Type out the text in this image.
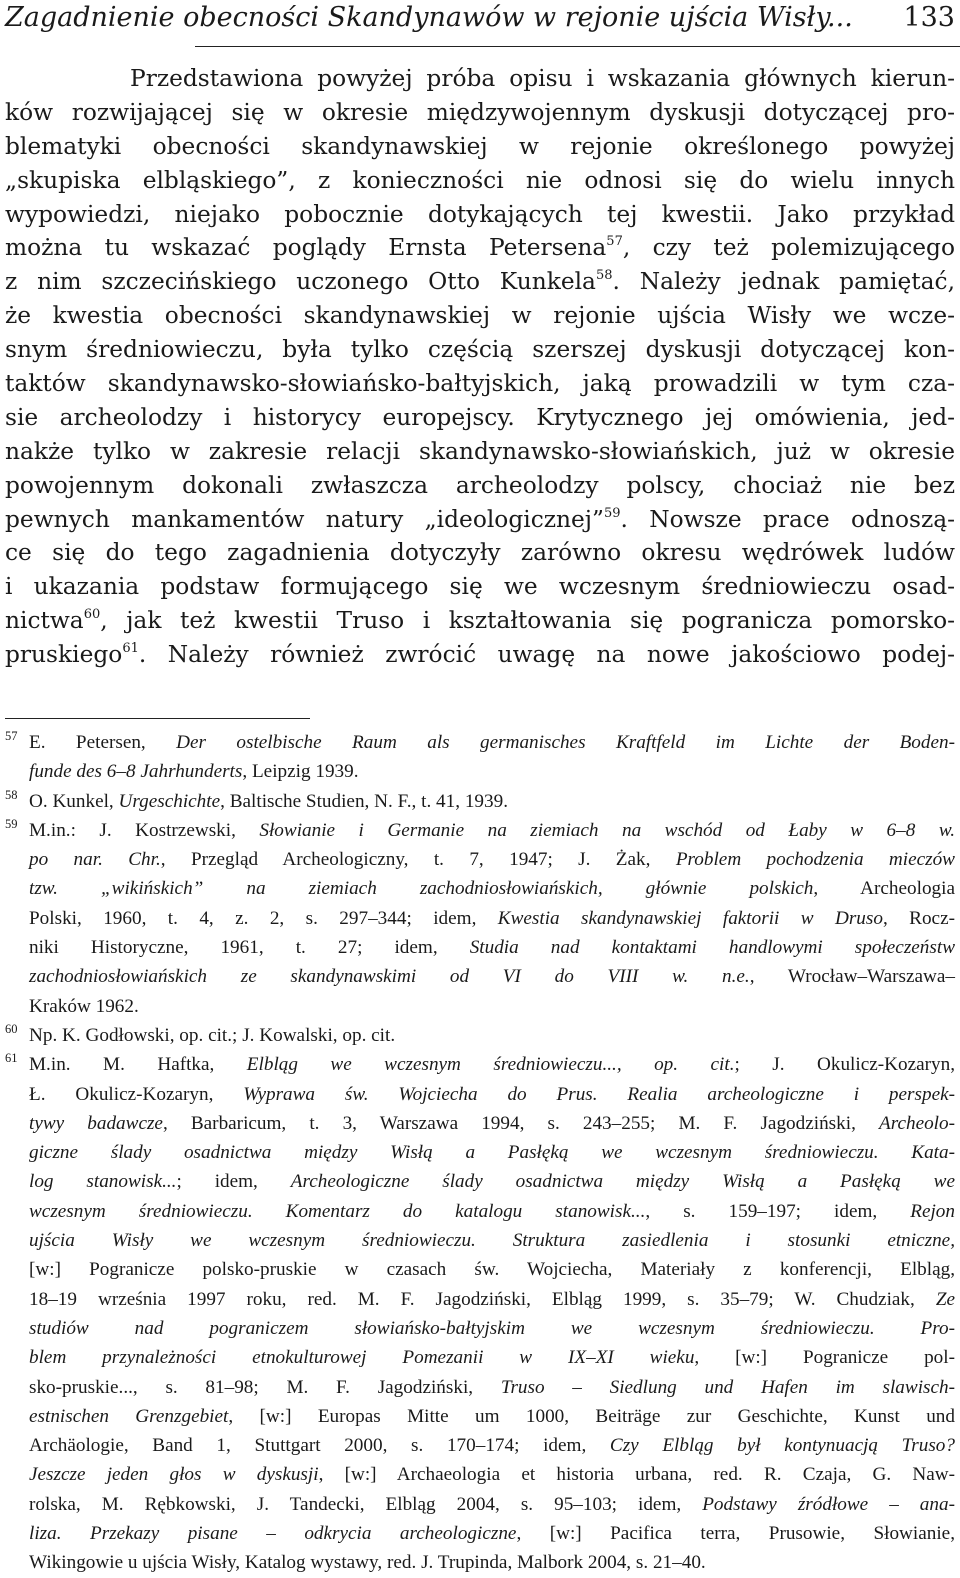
Zagadnienie obecności Skandynawów w rejonie ujścia Wisły... 133
Przedstawiona powyżej próba opisu i wskazania głównych kierun-
ków rozwijającej się w okresie międzywojennym dyskusji dotyczącej pro-
blematyki obecności skandynawskiej w rejonie określonego powyżej
„skupiska elbląskiego”, z konieczności nie odnosi się do wielu innych
wypowiedzi, niejako pobocznie dotykających tej kwestii. Jako przykład
można tu wskazać poglądy Ernsta Petersena$^{57}$, czy też polemizującego
z nim szczecińskiego uczonego Otto Kunkela$^{58}$. Należy jednak pamiętać,
że kwestia obecności skandynawskiej w rejonie ujścia Wisły we wcze-
snym średniowieczu, była tylko częścią szerszej dyskusji dotyczącej kon-
taktów skandynawsko-słowiańsko-bałtyjskich, jaką prowadzili w tym cza-
sie archeolodzy i historycy europejscy. Krytycznego jej omówienia, jed-
nakże tylko w zakresie relacji skandynawsko-słowiańskich, już w okresie
powojennym dokonali zwłaszcza archeolodzy polscy, chociaż nie bez
pewnych mankamentów natury „ideologicznej”$^{59}$. Nowsze prace odnoszą-
ce się do tego zagadnienia dotyczyły zarówno okresu wędrówek ludów
i ukazania podstaw formującego się we wczesnym średniowieczu osad-
nictwa$^{60}$, jak też kwestii Truso i kształtowania się pogranicza pomorsko-
pruskiego$^{61}$. Należy również zwrócić uwagę na nowe jakościowo podej-
57 E. Petersen, Der ostelbische Raum als germanisches Kraftfeld im Lichte der Boden-
funde des 6–8 Jahrhunderts, Leipzig 1939.
58 O. Kunkel, Urgeschichte, Baltische Studien, N. F., t. 41, 1939.
59 M.in.: J. Kostrzewski, Słowianie i Germanie na ziemiach na wschód od Łaby w 6–8 w.
po nar. Chr., Przegląd Archeologiczny, t. 7, 1947; J. Żak, Problem pochodzenia mieczów
tzw. „wikińskich” na ziemiach zachodniosłowiańskich, głównie polskich, Archeologia
Polski, 1960, t. 4, z. 2, s. 297–344; idem, Kwestia skandynawskiej faktorii w Druso, Rocz-
niki Historyczne, 1961, t. 27; idem, Studia nad kontaktami handlowymi społeczeństw
zachodniosłowiańskich ze skandynawskimi od VI do VIII w. n.e., Wrocław–Warszawa–
Kraków 1962.
60 Np. K. Godłowski, op. cit.; J. Kowalski, op. cit.
61 M.in. M. Haftka, Elbląg we wczesnym średniowieczu..., op. cit.; J. Okulicz-Kozaryn,
Ł. Okulicz-Kozaryn, Wyprawa św. Wojciecha do Prus. Realia archeologiczne i perspek-
tywy badawcze, Barbaricum, t. 3, Warszawa 1994, s. 243–255; M. F. Jagodziński, Archeolo-
giczne ślady osadnictwa między Wisłą a Pasłęką we wczesnym średniowieczu. Kata-
log stanowisk...; idem, Archeologiczne ślady osadnictwa między Wisłą a Pasłęką we
wczesnym średniowieczu. Komentarz do katalogu stanowisk..., s. 159–197; idem, Rejon
ujścia Wisły we wczesnym średniowieczu. Struktura zasiedlenia i stosunki etniczne,
[w:] Pogranicze polsko-pruskie w czasach św. Wojciecha, Materiały z konferencji, Elbląg,
18–19 września 1997 roku, red. M. F. Jagodziński, Elbląg 1999, s. 35–79; W. Chudziak, Ze
studiów nad pograniczem słowiańsko-bałtyjskim we wczesnym średniowieczu. Pro-
blem przynależności etnokulturowej Pomezanii w IX–XI wieku, [w:] Pogranicze pol-
sko-pruskie..., s. 81–98; M. F. Jagodziński, Truso – Siedlung und Hafen im slawisch-
estnischen Grenzgebiet, [w:] Europas Mitte um 1000, Beiträge zur Geschichte, Kunst und
Archäologie, Band 1, Stuttgart 2000, s. 170–174; idem, Czy Elbląg był kontynuacją Truso?
Jeszcze jeden głos w dyskusji, [w:] Archaeologia et historia urbana, red. R. Czaja, G. Naw-
rolska, M. Rębkowski, J. Tandecki, Elbląg 2004, s. 95–103; idem, Podstawy źródłowe – ana-
liza. Przekazy pisane – odkrycia archeologiczne, [w:] Pacifica terra, Prusowie, Słowianie,
Wikingowie u ujścia Wisły, Katalog wystawy, red. J. Trupinda, Malbork 2004, s. 21–40.
